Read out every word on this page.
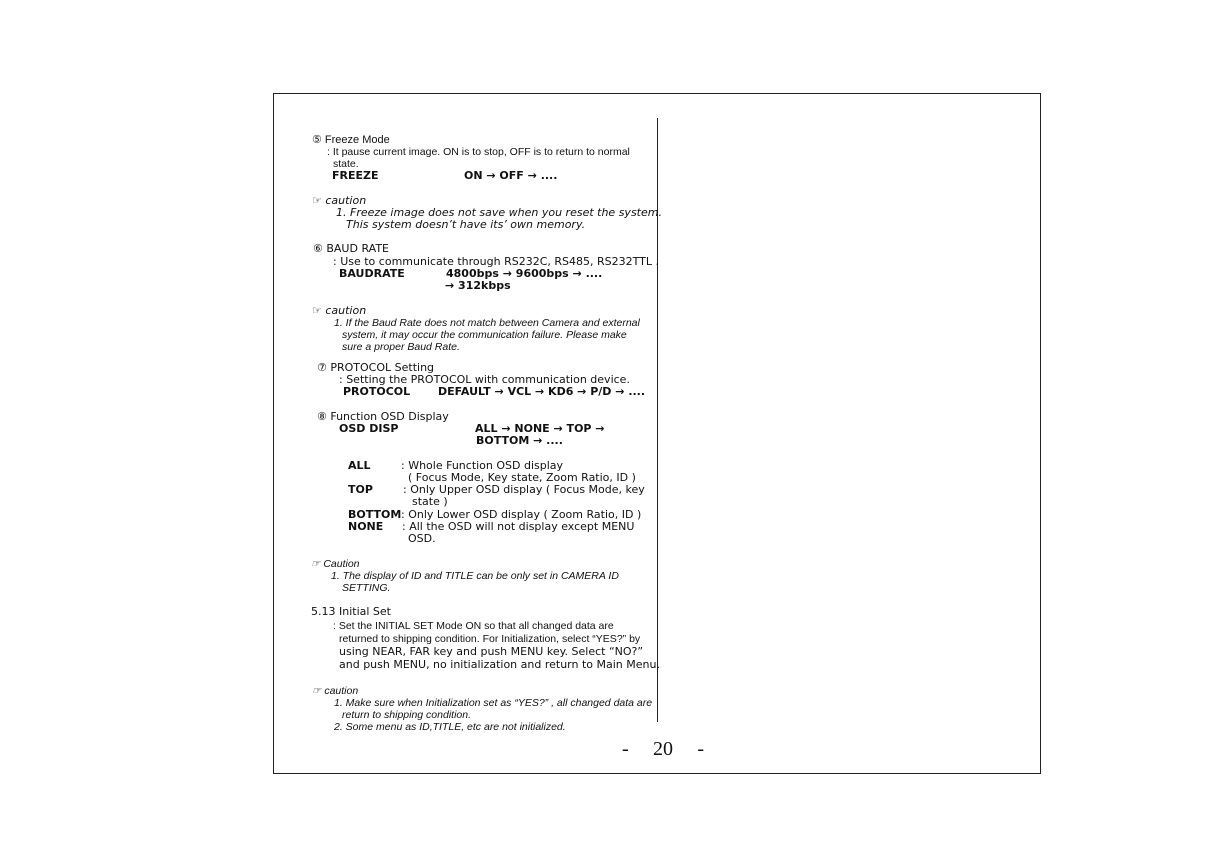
⑤ Freeze Mode
: It pause current image. ON is to stop, OFF is to return to normal
state.
FREEZE	ON → OFF → ....
☞ caution
1. Freeze image does not save when you reset the system.
This system doesn’t have its’ own memory.
⑥ BAUD RATE
: Use to communicate through RS232C, RS485, RS232TTL .
BAUDRATE	4800bps → 9600bps → ....
→ 312kbps
☞ caution
1. If the Baud Rate does not match between Camera and external
system, it may occur the communication failure. Please make
sure a proper Baud Rate.
⑦ PROTOCOL Setting
: Setting the PROTOCOL with communication device.
PROTOCOL	DEFAULT → VCL → KD6 → P/D → ....
⑧ Function OSD Display
OSD DISP	ALL → NONE → TOP →
BOTTOM → ....
ALL	: Whole Function OSD display
( Focus Mode, Key state, Zoom Ratio, ID )
TOP	: Only Upper OSD display ( Focus Mode, key
state )
BOTTOM : Only Lower OSD display ( Zoom Ratio, ID )
NONE : All the OSD will not display except MENU
OSD.
☞ Caution
1. The display of ID and TITLE can be only set in CAMERA ID
SETTING.
5.13 Initial Set
: Set the INITIAL SET Mode ON so that all changed data are
returned to shipping condition. For Initialization, select “YES?” by
using NEAR, FAR key and push MENU key. Select “NO?”
and push MENU, no initialization and return to Main Menu.
☞ caution
1. Make sure when Initialization set as “YES?” , all changed data are
return to shipping condition.
2. Some menu as ID,TITLE, etc are not initialized.
- 20 -
